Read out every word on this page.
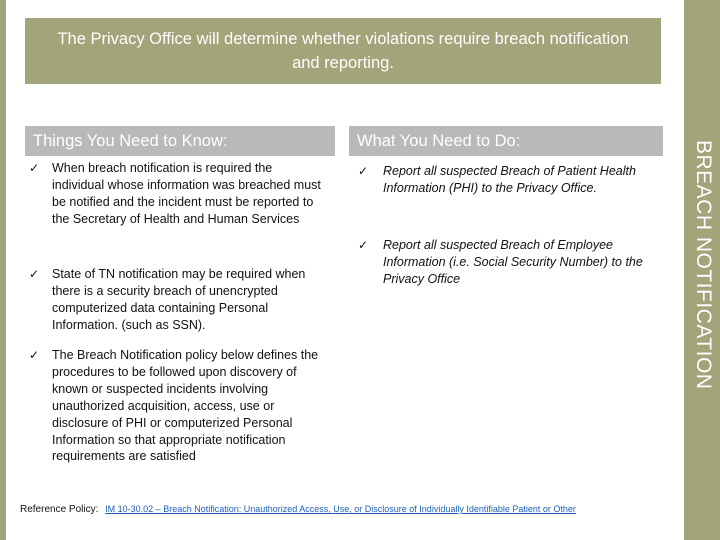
The Privacy Office will determine whether violations require breach notification and reporting.
BREACH NOTIFICATION
Things You Need to Know:	What You Need to Do:
✓ When breach notification is required the individual whose information was breached must be notified and the incident must be reported to the Secretary of Health and Human Services
✓ State of TN notification may be required when there is a security breach of unencrypted computerized data containing Personal Information. (such as SSN).
✓ The Breach Notification policy below defines the procedures to be followed upon discovery of known or suspected incidents involving unauthorized acquisition, access, use or disclosure of PHI or computerized Personal Information so that appropriate notification requirements are satisfied
✓ Report all suspected Breach of Patient Health Information (PHI) to the Privacy Office.
✓ Report all suspected Breach of Employee Information (i.e. Social Security Number) to the Privacy Office
Reference Policy: IM 10-30.02 – Breach Notification: Unauthorized Access, Use, or Disclosure of Individually Identifiable Patient or Other
